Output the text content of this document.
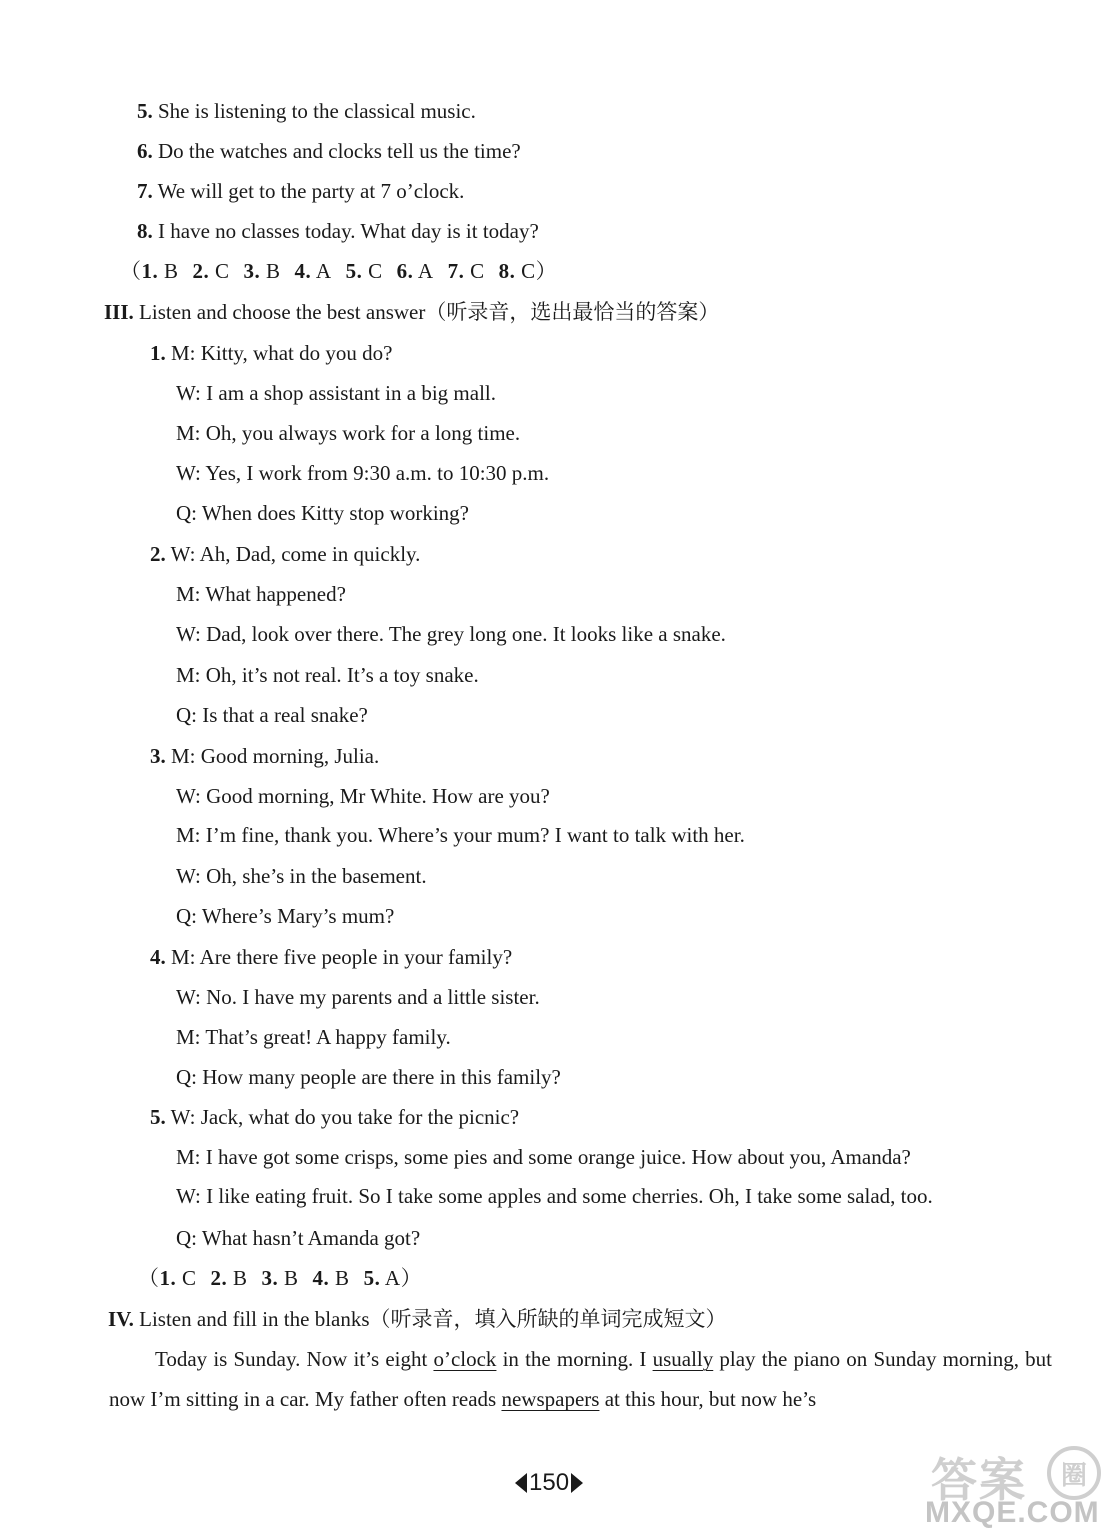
5. She is listening to the classical music.
6. Do the watches and clocks tell us the time?
7. We will get to the party at 7 o’clock.
8. I have no classes today. What day is it today?
（1. B 2. C 3. B 4. A 5. C 6. A 7. C 8. C）
III. Listen and choose the best answer（听录音，选出最恰当的答案）
1. M: Kitty, what do you do?
W: I am a shop assistant in a big mall.
M: Oh, you always work for a long time.
W: Yes, I work from 9:30 a.m. to 10:30 p.m.
Q: When does Kitty stop working?
2. W: Ah, Dad, come in quickly.
M: What happened?
W: Dad, look over there. The grey long one. It looks like a snake.
M: Oh, it’s not real. It’s a toy snake.
Q: Is that a real snake?
3. M: Good morning, Julia.
W: Good morning, Mr White. How are you?
M: I’m fine, thank you. Where’s your mum? I want to talk with her.
W: Oh, she’s in the basement.
Q: Where’s Mary’s mum?
4. M: Are there five people in your family?
W: No. I have my parents and a little sister.
M: That’s great! A happy family.
Q: How many people are there in this family?
5. W: Jack, what do you take for the picnic?
M: I have got some crisps, some pies and some orange juice. How about you, Amanda?
W: I like eating fruit. So I take some apples and some cherries. Oh, I take some salad, too.
Q: What hasn’t Amanda got?
（1. C 2. B 3. B 4. B 5. A）
IV. Listen and fill in the blanks（听录音，填入所缺的单词完成短文）

Today is Sunday. Now it’s eight o’clock in the morning. I usually play the piano on Sunday morning, but now I’m sitting in a car. My father often reads newspapers at this hour, but now he’s

150	答案	圈
MXQE.COM
